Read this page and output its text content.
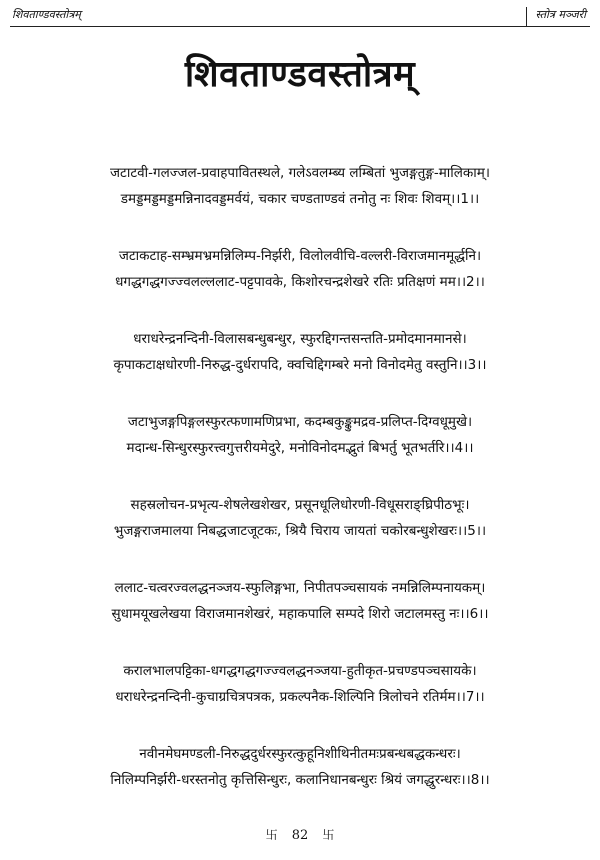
शिवताण्डवस्तोत्रम्	स्तोत्र मञ्जरी
शिवताण्डवस्तोत्रम्
जटाटवी-गलज्जल-प्रवाहपावितस्थले, गलेऽवलम्ब्य लम्बितां भुजङ्गतुङ्ग-मालिकाम्।
डमड्डमड्डमड्डमन्निनादवड्डमर्वयं, चकार चण्डताण्डवं तनोतु नः शिवः शिवम्।।1।।
जटाकटाह-सम्भ्रमभ्रमन्निलिम्प-निर्झरी, विलोलवीचि-वल्लरी-विराजमानमूर्द्धनि।
धगद्धगद्धगज्ज्वलल्ललाट-पट्टपावके, किशोरचन्द्रशेखरे रतिः प्रतिक्षणं मम।।2।।
धराधरेन्द्रनन्दिनी-विलासबन्धुबन्धुर, स्फुरद्दिगन्तसन्तति-प्रमोदमानमानसे।
कृपाकटाक्षधोरणी-निरुद्ध-दुर्धरापदि, क्वचिद्दिगम्बरे मनो विनोदमेतु वस्तुनि।।3।।
जटाभुजङ्गपिङ्गलस्फुरत्फणामणिप्रभा, कदम्बकुङ्कुमद्रव-प्रलिप्त-दिग्वधूमुखे।
मदान्ध-सिन्धुरस्फुरत्त्वगुत्तरीयमेदुरे, मनोविनोदमद्भुतं बिभर्तु भूतभर्तरि।।4।।
सहस्रलोचन-प्रभृत्य-शेषलेखशेखर, प्रसूनधूलिधोरणी-विधूसराङ्घ्रिपीठभूः।
भुजङ्गराजमालया निबद्धजाटजूटकः, श्रियै चिराय जायतां चकोरबन्धुशेखरः।।5।।
ललाट-चत्वरज्वलद्धनञ्जय-स्फुलिङ्गभा, निपीतपञ्चसायकं नमन्निलिम्पनायकम्।
सुधामयूखलेखया विराजमानशेखरं, महाकपालि सम्पदे शिरो जटालमस्तु नः।।6।।
करालभालपट्टिका-धगद्धगद्धगज्ज्वलद्धनञ्जया-हुतीकृत-प्रचण्डपञ्चसायके।
धराधरेन्द्रनन्दिनी-कुचाग्रचित्रपत्रक, प्रकल्पनैक-शिल्पिनि त्रिलोचने रतिर्मम।।7।।
नवीनमेघमण्डली-निरुद्धदुर्धरस्फुरत्कुहूनिशीथिनीतमःप्रबन्धबद्धकन्धरः।
निलिम्पनिर्झरी-धरस्तनोतु कृत्तिसिन्धुरः, कलानिधानबन्धुरः श्रियं जगद्धुरन्धरः।।8।।
卐 82 卐
